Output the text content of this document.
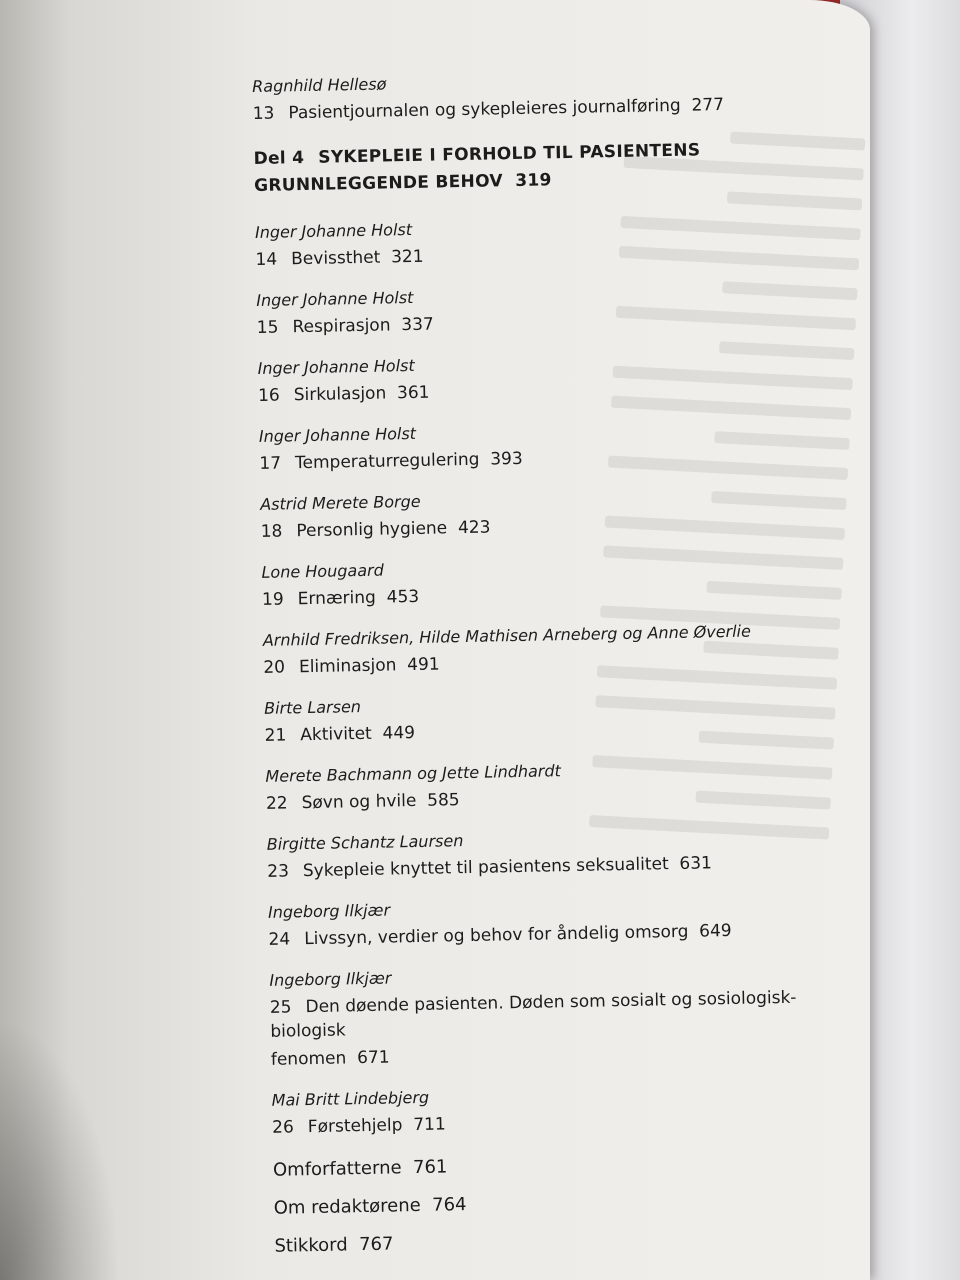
Ragnhild Hellesø

13 Pasientjournalen og sykepleieres journalføring 277

Del 4 SYKEPLEIE I FORHOLD TIL PASIENTENS
GRUNNLEGGENDE BEHOV 319

Inger Johanne Holst

14 Bevissthet 321

Inger Johanne Holst

15 Respirasjon 337

Inger Johanne Holst

16 Sirkulasjon 361

Inger Johanne Holst

17 Temperaturregulering 393

Astrid Merete Borge

18 Personlig hygiene 423

Lone Hougaard

19 Ernæring 453

Arnhild Fredriksen, Hilde Mathisen Arneberg og Anne Øverlie

20 Eliminasjon 491

Birte Larsen

21 Aktivitet 449

Merete Bachmann og Jette Lindhardt

22 Søvn og hvile 585

Birgitte Schantz Laursen

23 Sykepleie knyttet til pasientens seksualitet 631

Ingeborg Ilkjær

24 Livssyn, verdier og behov for åndelig omsorg 649

Ingeborg Ilkjær

25 Den døende pasienten. Døden som sosialt og sosiologisk-biologisk

fenomen 671

Mai Britt Lindebjerg

26 Førstehjelp 711

Omforfatterne 761

Om redaktørene 764

Stikkord 767
